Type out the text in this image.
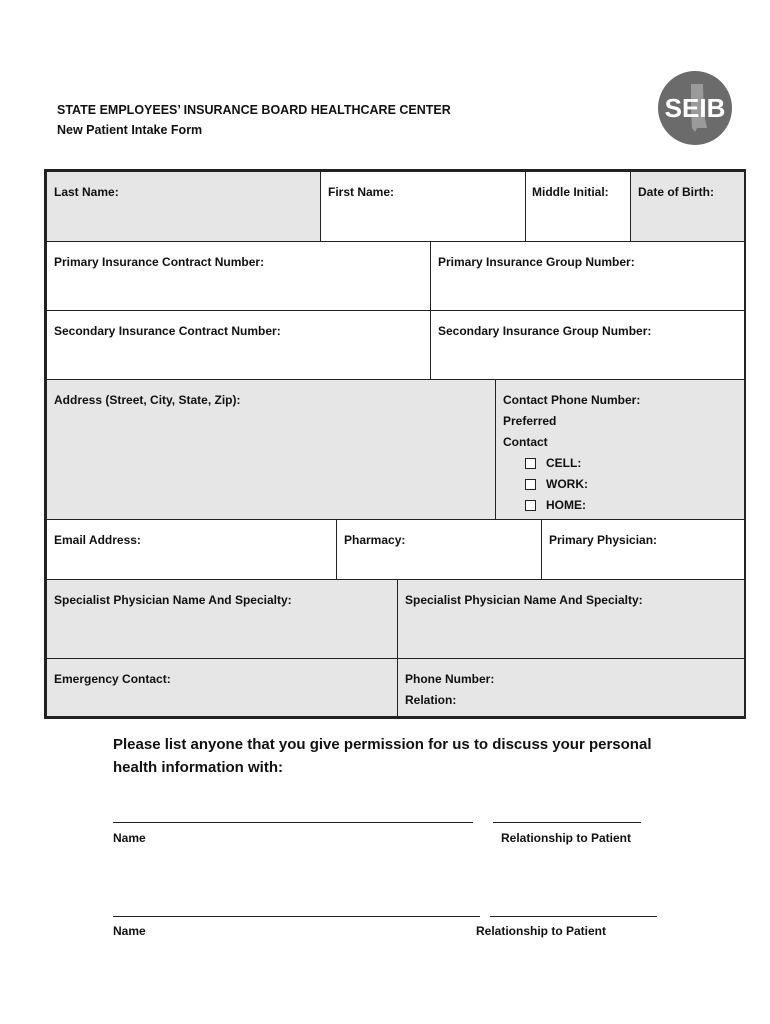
STATE EMPLOYEES’ INSURANCE BOARD HEALTHCARE CENTER
New Patient Intake Form
SEIB
Last Name:	First Name:	Middle Initial:	Date of Birth:
Primary Insurance Contract Number:	Primary Insurance Group Number:
Secondary Insurance Contract Number:	Secondary Insurance Group Number:
Address (Street, City, State, Zip):	Contact Phone Number:
Preferred
Contact
CELL:
WORK:
HOME:
Email Address:	Pharmacy:	Primary Physician:
Specialist Physician Name And Specialty:	Specialist Physician Name And Specialty:
Emergency Contact:	Phone Number:
Relation:
Please list anyone that you give permission for us to discuss your personal health information with:
Name	Relationship to Patient
Name	Relationship to Patient
